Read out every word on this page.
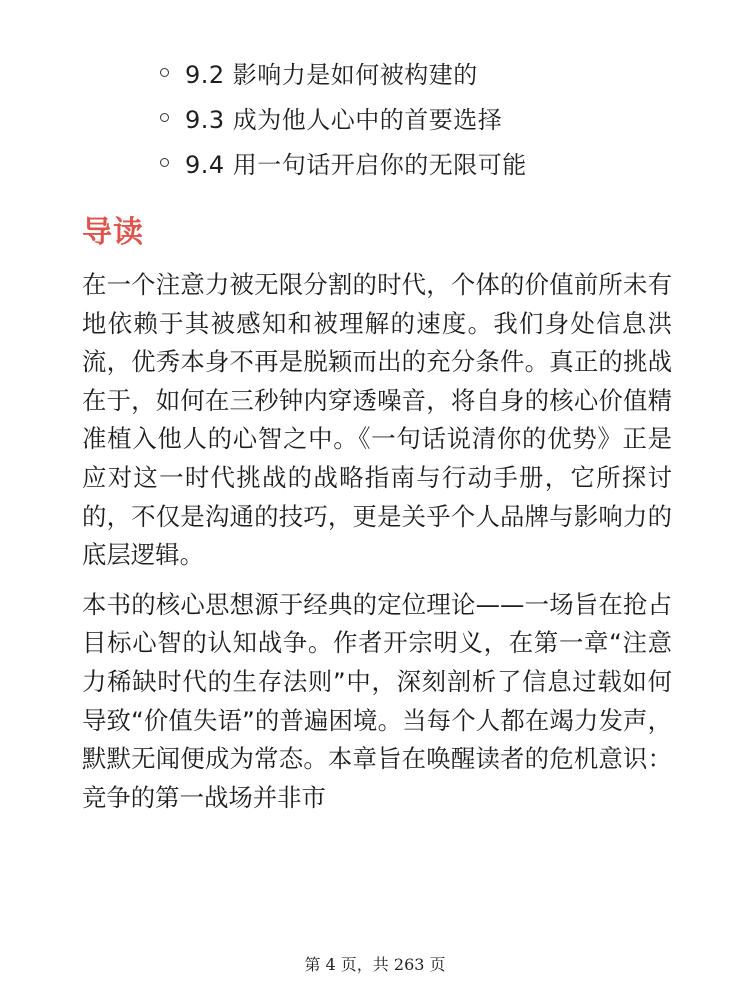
9.2 影响力是如何被构建的
9.3 成为他人心中的首要选择
9.4 用一句话开启你的无限可能
导读

在一个注意力被无限分割的时代，个体的价值前所未有地依赖于其被感知和被理解的速度。我们身处信息洪流，优秀本身不再是脱颖而出的充分条件。真正的挑战在于，如何在三秒钟内穿透噪音，将自身的核心价值精准植入他人的心智之中。《一句话说清你的优势》正是应对这一时代挑战的战略指南与行动手册，它所探讨的，不仅是沟通的技巧，更是关乎个人品牌与影响力的底层逻辑。

本书的核心思想源于经典的定位理论——一场旨在抢占目标心智的认知战争。作者开宗明义，在第一章“注意力稀缺时代的生存法则”中，深刻剖析了信息过载如何导致“价值失语”的普遍困境。当每个人都在竭力发声，默默无闻便成为常态。本章旨在唤醒读者的危机意识：竞争的第一战场并非市

第 4 页，共 263 页
